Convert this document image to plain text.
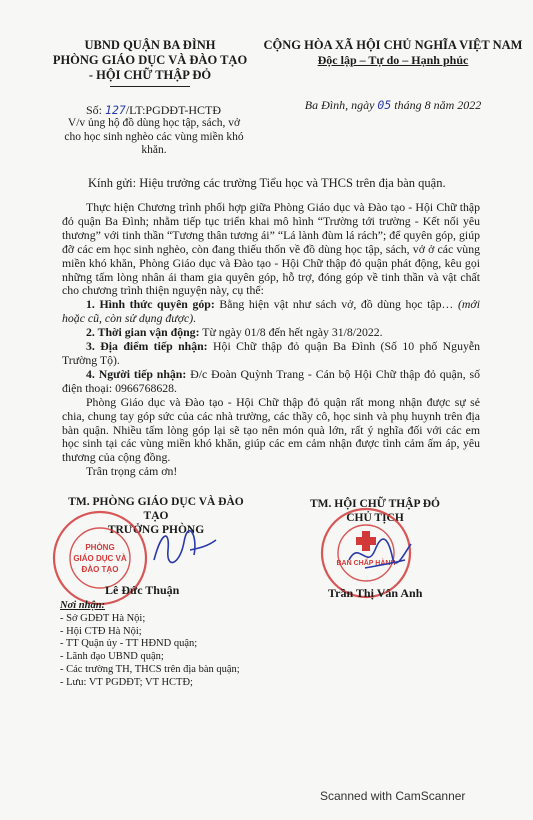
UBND QUẬN BA ĐÌNH
PHÒNG GIÁO DỤC VÀ ĐÀO TẠO
- HỘI CHỮ THẬP ĐỎ
CỘNG HÒA XÃ HỘI CHỦ NGHĨA VIỆT NAM
Độc lập – Tự do – Hạnh phúc
Số: 127/LT:PGDĐT-HCTĐ
V/v ủng hộ đồ dùng học tập, sách, vở cho học sinh nghèo các vùng miền khó khăn.
Ba Đình, ngày 05 tháng 8 năm 2022
Kính gửi: Hiệu trưởng các trường Tiểu học và THCS trên địa bàn quận.

Thực hiện Chương trình phối hợp giữa Phòng Giáo dục và Đào tạo - Hội Chữ thập đỏ quận Ba Đình; nhằm tiếp tục triển khai mô hình “Trường tới trường - Kết nối yêu thương” với tinh thần “Tương thân tương ái” “Lá lành đùm lá rách”; để quyên góp, giúp đỡ các em học sinh nghèo, còn đang thiếu thốn về đồ dùng học tập, sách, vở ở các vùng miền khó khăn, Phòng Giáo dục và Đào tạo - Hội Chữ thập đỏ quận phát động, kêu gọi những tấm lòng nhân ái tham gia quyên góp, hỗ trợ, đóng góp về tinh thần và vật chất cho chương trình thiện nguyện này, cụ thể:

1. Hình thức quyên góp: Bằng hiện vật như sách vở, đồ dùng học tập… (mới hoặc cũ, còn sử dụng được).

2. Thời gian vận động: Từ ngày 01/8 đến hết ngày 31/8/2022.

3. Địa điểm tiếp nhận: Hội Chữ thập đỏ quận Ba Đình (Số 10 phố Nguyễn Trường Tộ).

4. Người tiếp nhận: Đ/c Đoàn Quỳnh Trang - Cán bộ Hội Chữ thập đỏ quận, số điện thoại: 0966768628.

Phòng Giáo dục và Đào tạo - Hội Chữ thập đỏ quận rất mong nhận được sự sẻ chia, chung tay góp sức của các nhà trường, các thầy cô, học sinh và phụ huynh trên địa bàn quận. Nhiều tấm lòng góp lại sẽ tạo nên món quà lớn, rất ý nghĩa đối với các em học sinh tại các vùng miền khó khăn, giúp các em cảm nhận được tình cảm ấm áp, yêu thương của cộng đồng.

Trân trọng cảm ơn!

TM. PHÒNG GIÁO DỤC VÀ ĐÀO TẠO
TRƯỞNG PHÒNG
PHÒNG
GIÁO DỤC VÀ
ĐÀO TẠO
Lê Đức Thuận
TM. HỘI CHỮ THẬP ĐỎ
CHỦ TỊCH
BAN CHẤP HÀNH
Trần Thị Vân Anh
Nơi nhận:
- Sở GDĐT Hà Nội;
- Hội CTĐ Hà Nội;
- TT Quận ủy - TT HĐND quận;
- Lãnh đạo UBND quận;
- Các trường TH, THCS trên địa bàn quận;
- Lưu: VT PGDĐT; VT HCTĐ;
Scanned with CamScanner
